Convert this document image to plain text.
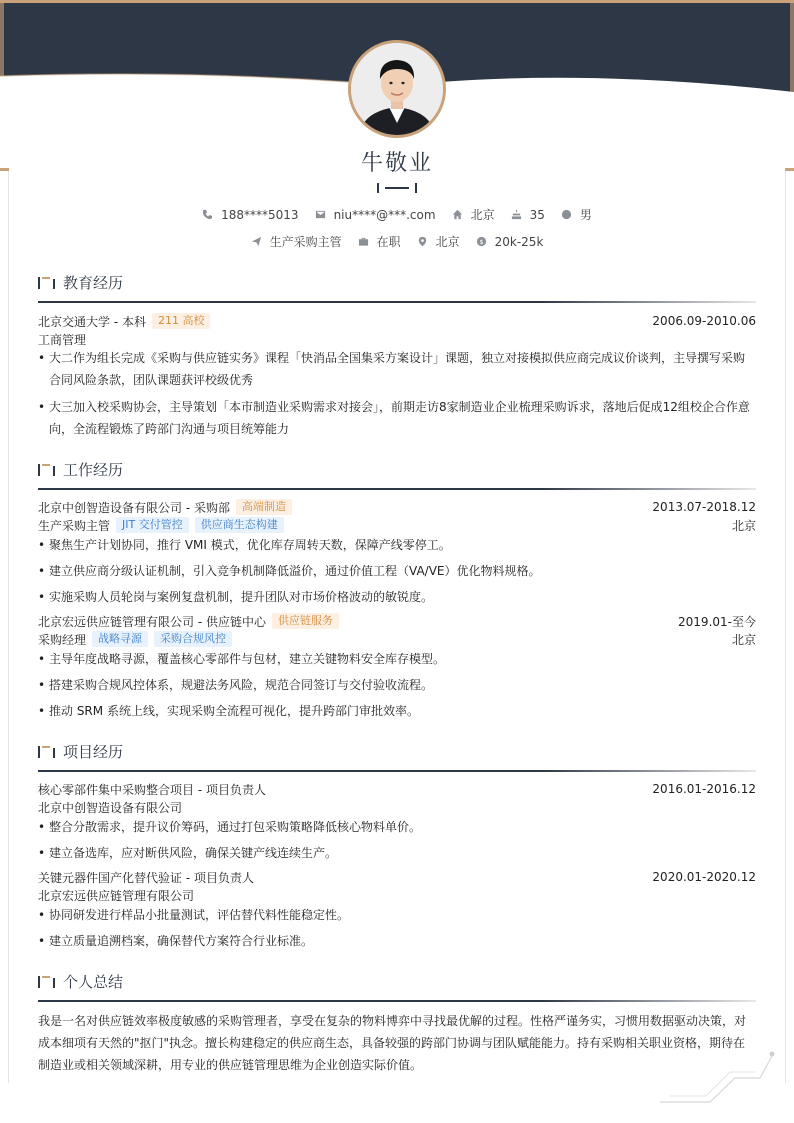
牛敬业
188****5013	niu****@***.com	北京	35	男
生产采购主管	在职	北京	$ 20k-25k
教育经历
北京交通大学 - 本科	211 高校	2006.09-2010.06
工商管理
• 大二作为组长完成《采购与供应链实务》课程「快消品全国集采方案设计」课题，独立对接模拟供应商完成议价谈判，主导撰写采购合同风险条款，团队课题获评校级优秀
• 大三加入校采购协会，主导策划「本市制造业采购需求对接会」，前期走访8家制造业企业梳理采购诉求，落地后促成12组校企合作意向，全流程锻炼了跨部门沟通与项目统筹能力
工作经历
北京中创智造设备有限公司 - 采购部	高端制造	2013.07-2018.12
生产采购主管	JIT 交付管控	供应商生态构建	北京
• 聚焦生产计划协同，推行 VMI 模式，优化库存周转天数，保障产线零停工。
• 建立供应商分级认证机制，引入竞争机制降低溢价，通过价值工程（VA/VE）优化物料规格。
• 实施采购人员轮岗与案例复盘机制，提升团队对市场价格波动的敏锐度。
北京宏远供应链管理有限公司 - 供应链中心	供应链服务	2019.01-至今
采购经理	战略寻源	采购合规风控	北京
• 主导年度战略寻源，覆盖核心零部件与包材，建立关键物料安全库存模型。
• 搭建采购合规风控体系，规避法务风险，规范合同签订与交付验收流程。
• 推动 SRM 系统上线，实现采购全流程可视化，提升跨部门审批效率。
项目经历
核心零部件集中采购整合项目 - 项目负责人	2016.01-2016.12
北京中创智造设备有限公司
• 整合分散需求，提升议价筹码，通过打包采购策略降低核心物料单价。
• 建立备选库，应对断供风险，确保关键产线连续生产。
关键元器件国产化替代验证 - 项目负责人	2020.01-2020.12
北京宏远供应链管理有限公司
• 协同研发进行样品小批量测试，评估替代料性能稳定性。
• 建立质量追溯档案，确保替代方案符合行业标准。
个人总结
我是一名对供应链效率极度敏感的采购管理者，享受在复杂的物料博弈中寻找最优解的过程。性格严谨务实，习惯用数据驱动决策，对成本细项有天然的"抠门"执念。擅长构建稳定的供应商生态，具备较强的跨部门协调与团队赋能能力。持有采购相关职业资格，期待在制造业或相关领域深耕，用专业的供应链管理思维为企业创造实际价值。
